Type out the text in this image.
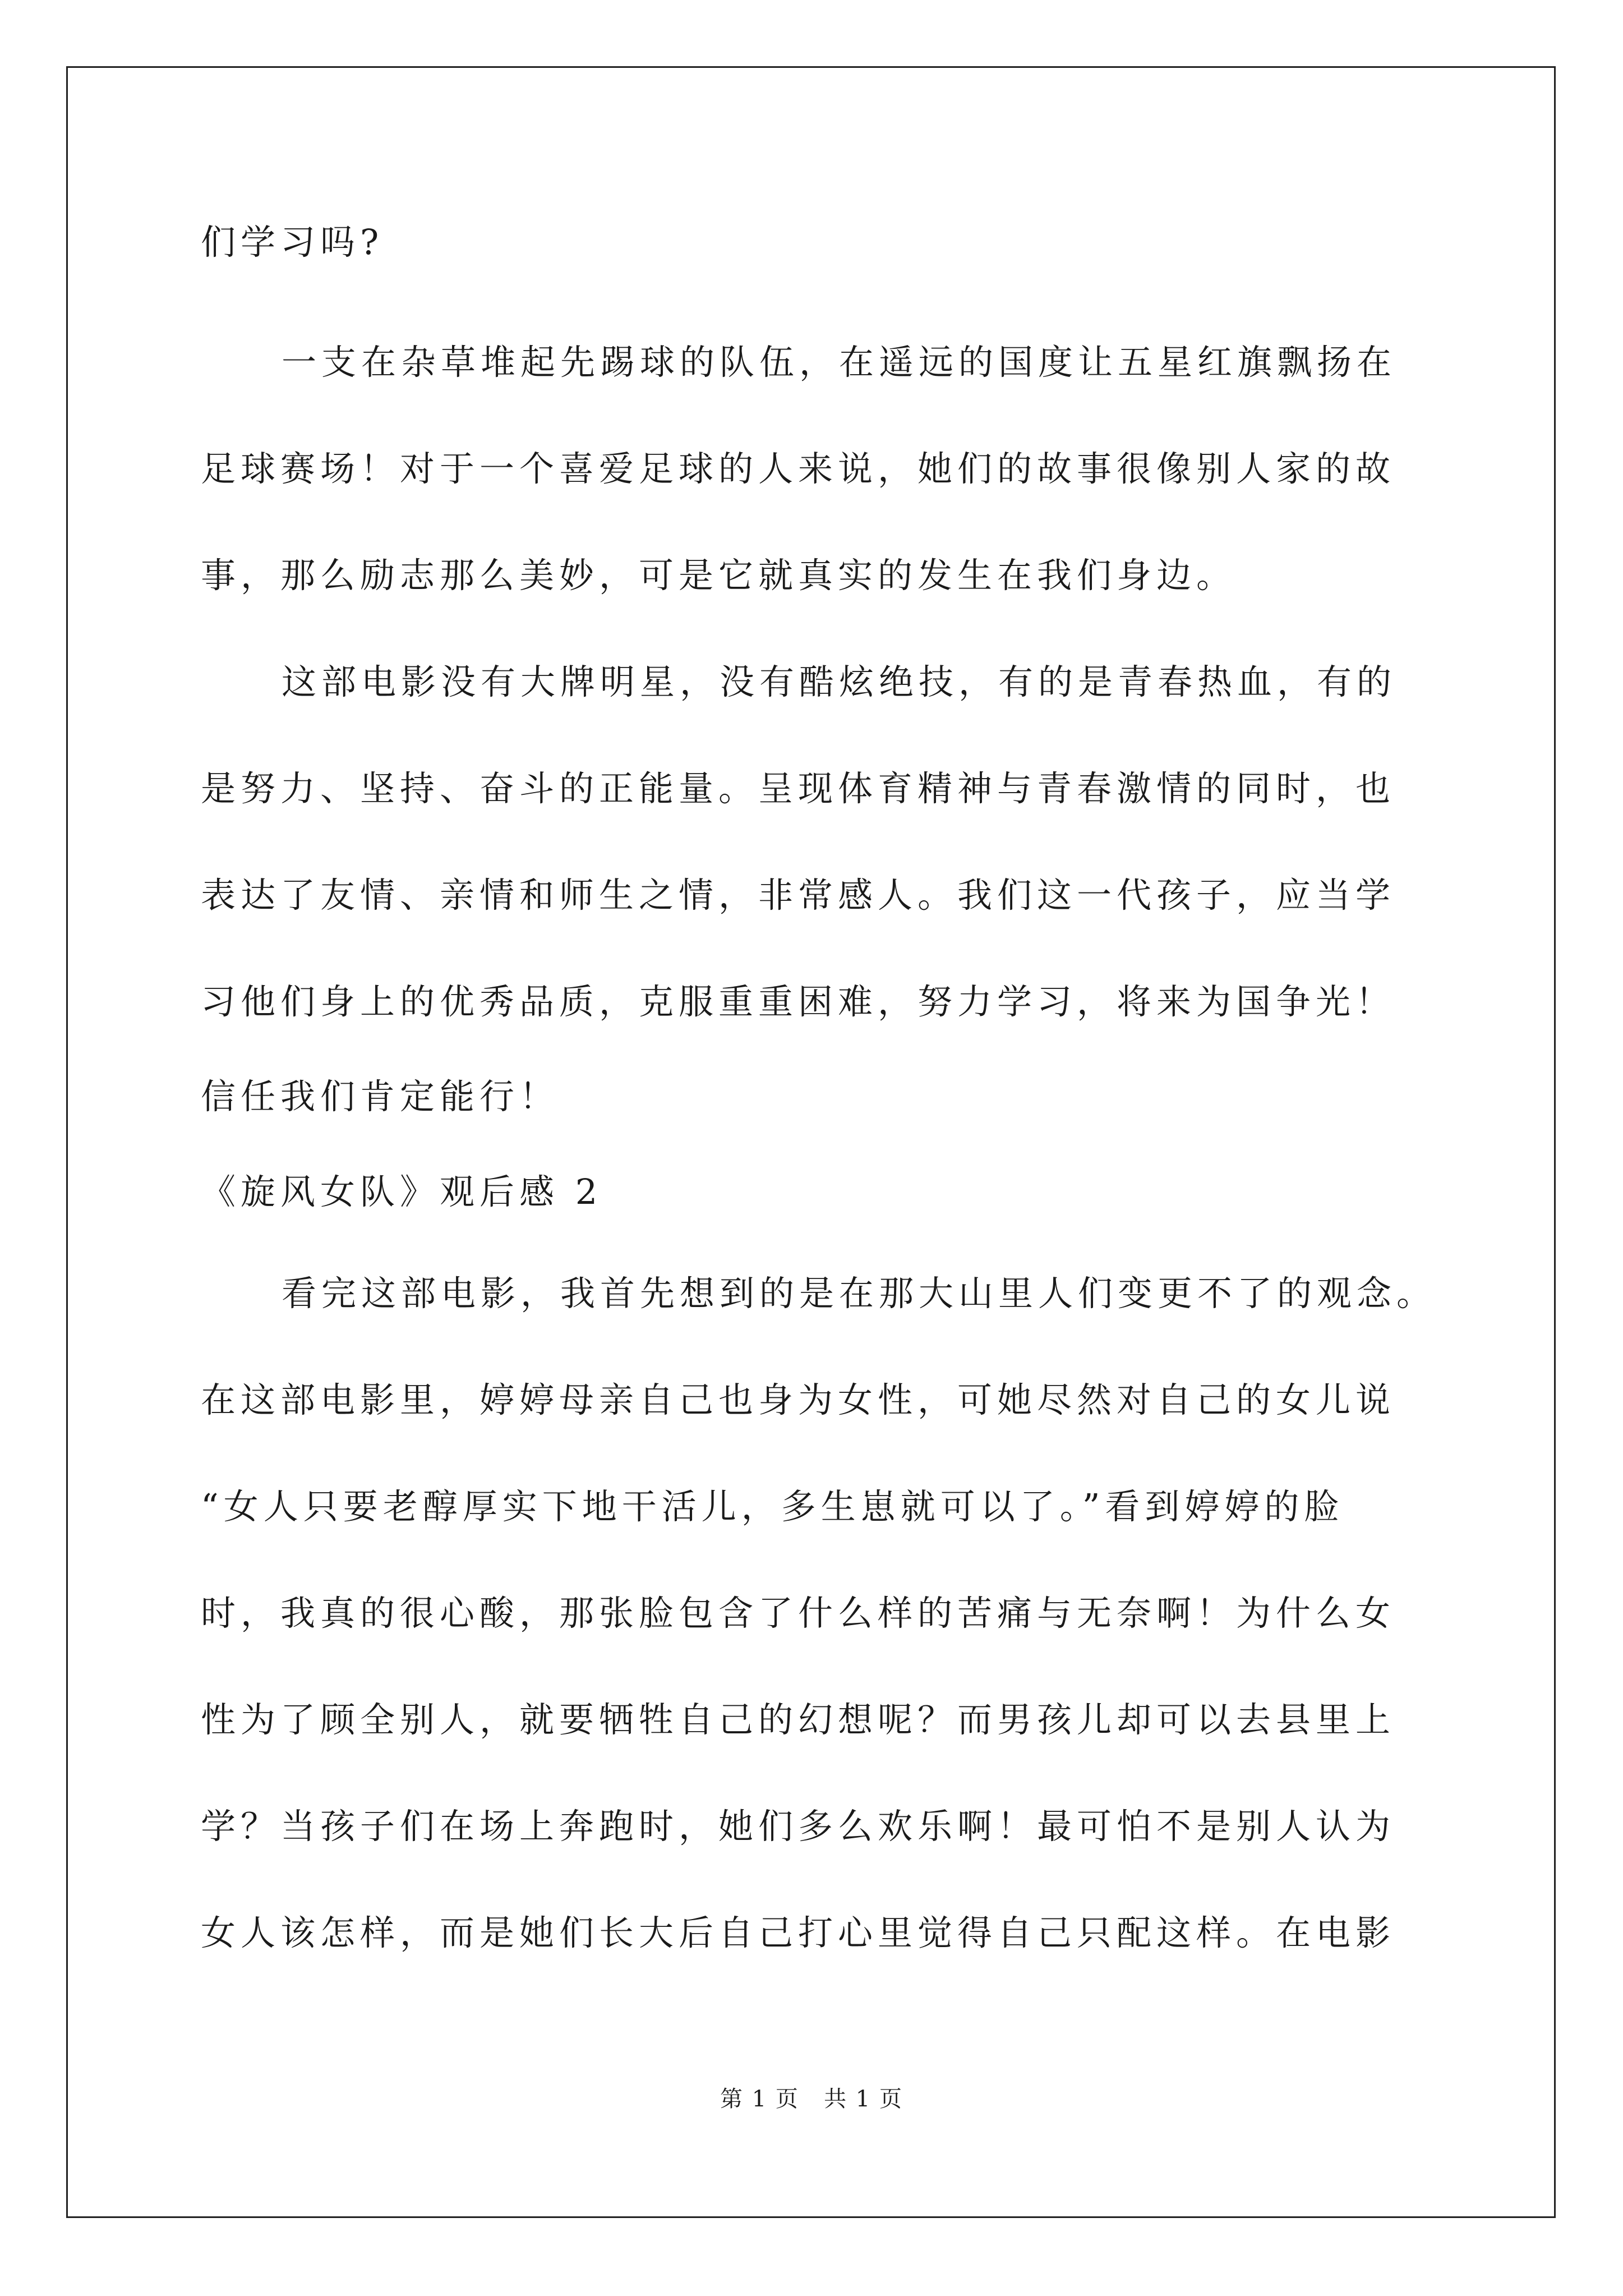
们学习吗?
一支在杂草堆起先踢球的队伍，在遥远的国度让五星红旗飘扬在
足球赛场！对于一个喜爱足球的人来说，她们的故事很像别人家的故
事，那么励志那么美妙，可是它就真实的发生在我们身边。
这部电影没有大牌明星，没有酷炫绝技，有的是青春热血，有的
是努力、坚持、奋斗的正能量。呈现体育精神与青春激情的同时，也
表达了友情、亲情和师生之情，非常感人。我们这一代孩子，应当学
习他们身上的优秀品质，克服重重困难，努力学习，将来为国争光！
信任我们肯定能行！
《旋风女队》观后感 2
看完这部电影，我首先想到的是在那大山里人们变更不了的观念。
在这部电影里，婷婷母亲自己也身为女性，可她尽然对自己的女儿说
“女人只要老醇厚实下地干活儿，多生崽就可以了。”看到婷婷的脸
时，我真的很心酸，那张脸包含了什么样的苦痛与无奈啊！为什么女
性为了顾全别人，就要牺牲自己的幻想呢？而男孩儿却可以去县里上
学？当孩子们在场上奔跑时，她们多么欢乐啊！最可怕不是别人认为
女人该怎样，而是她们长大后自己打心里觉得自己只配这样。在电影
第 1 页   共 1 页
